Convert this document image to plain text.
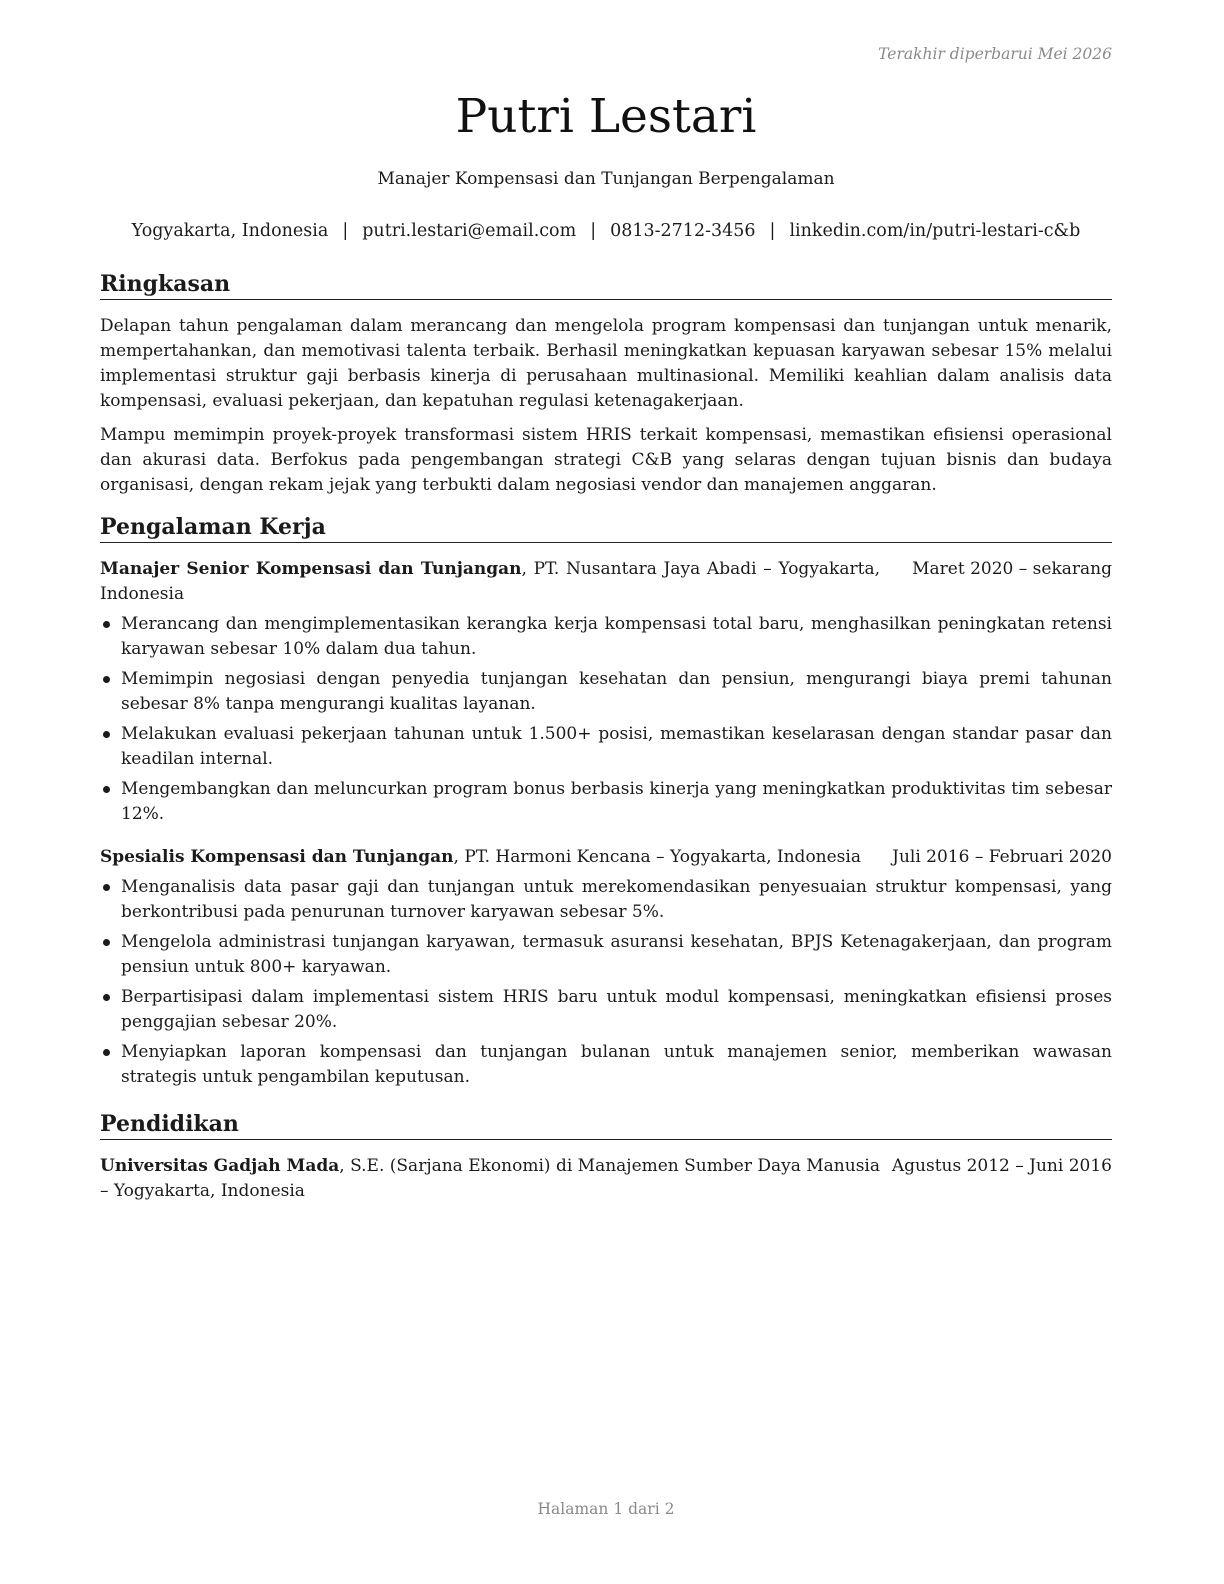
Terakhir diperbarui Mei 2026
Putri Lestari
Manajer Kompensasi dan Tunjangan Berpengalaman
Yogyakarta, Indonesia | putri.lestari@email.com | 0813-2712-3456 | linkedin.com/in/putri-lestari-c&b
Ringkasan

Delapan tahun pengalaman dalam merancang dan mengelola program kompensasi dan tunjangan untuk menarik, mempertahankan, dan memotivasi talenta terbaik. Berhasil meningkatkan kepuasan karyawan sebesar 15% melalui implementasi struktur gaji berbasis kinerja di perusahaan multinasional. Memiliki keahlian dalam analisis data kompensasi, evaluasi pekerjaan, dan kepatuhan regulasi ketenagakerjaan.

Mampu memimpin proyek-proyek transformasi sistem HRIS terkait kompensasi, memastikan efisiensi operasional dan akurasi data. Berfokus pada pengembangan strategi C&B yang selaras dengan tujuan bisnis dan budaya organisasi, dengan rekam jejak yang terbukti dalam negosiasi vendor dan manajemen anggaran.

Pengalaman Kerja
Manajer Senior Kompensasi dan Tunjangan, PT. Nusantara Jaya Abadi – Yogyakarta, Indonesia
Maret 2020 – sekarang
Merancang dan mengimplementasikan kerangka kerja kompensasi total baru, menghasilkan peningkatan retensi karyawan sebesar 10% dalam dua tahun.
Memimpin negosiasi dengan penyedia tunjangan kesehatan dan pensiun, mengurangi biaya premi tahunan sebesar 8% tanpa mengurangi kualitas layanan.
Melakukan evaluasi pekerjaan tahunan untuk 1.500+ posisi, memastikan keselarasan dengan standar pasar dan keadilan internal.
Mengembangkan dan meluncurkan program bonus berbasis kinerja yang meningkatkan produktivitas tim sebesar 12%.
Spesialis Kompensasi dan Tunjangan, PT. Harmoni Kencana – Yogyakarta, Indonesia	Juli 2016 – Februari 2020
Menganalisis data pasar gaji dan tunjangan untuk merekomendasikan penyesuaian struktur kompensasi, yang berkontribusi pada penurunan turnover karyawan sebesar 5%.
Mengelola administrasi tunjangan karyawan, termasuk asuransi kesehatan, BPJS Ketenagakerjaan, dan program pensiun untuk 800+ karyawan.
Berpartisipasi dalam implementasi sistem HRIS baru untuk modul kompensasi, meningkatkan efisiensi proses penggajian sebesar 20%.
Menyiapkan laporan kompensasi dan tunjangan bulanan untuk manajemen senior, memberikan wawasan strategis untuk pengambilan keputusan.
Pendidikan
Universitas Gadjah Mada, S.E. (Sarjana Ekonomi) di Manajemen Sumber Daya Manusia – Yogyakarta, Indonesia
Agustus 2012 – Juni 2016
Halaman 1 dari 2
